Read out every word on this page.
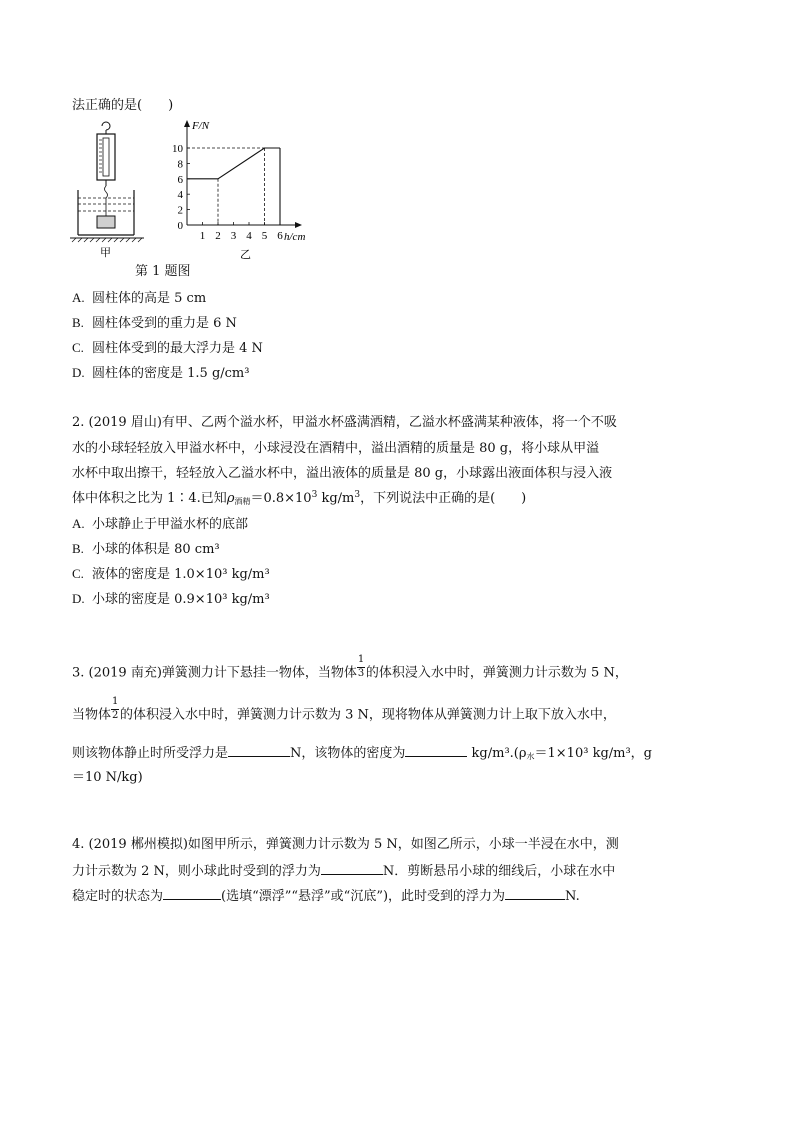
法正确的是(　　)
甲
10
8
6
4
2
0
1 2 3 4 5 6
F/N
h/cm
乙
第 1 题图
A. 圆柱体的高是 5 cm
B. 圆柱体受到的重力是 6 N
C. 圆柱体受到的最大浮力是 4 N
D. 圆柱体的密度是 1.5 g/cm³
2. (2019 眉山)有甲、乙两个溢水杯，甲溢水杯盛满酒精，乙溢水杯盛满某种液体，将一个不吸
水的小球轻轻放入甲溢水杯中，小球浸没在酒精中，溢出酒精的质量是 80 g，将小球从甲溢
水杯中取出擦干，轻轻放入乙溢水杯中，溢出液体的质量是 80 g，小球露出液面体积与浸入液
体中体积之比为 1∶4.已知$\rho_{酒精}=0.8\times 10^3$ $kg/m^3$，下列说法中正确的是(　　)
A. 小球静止于甲溢水杯的底部
B. 小球的体积是 80 cm³
C. 液体的密度是 1.0×10³ kg/m³
D. 小球的密度是 0.9×10³ kg/m³
3. (2019 南充)弹簧测力计下悬挂一物体，当物体 $\frac{1}{3}$ 的体积浸入水中时，弹簧测力计示数为 5 N，
当物体 $\frac{1}{2}$ 的体积浸入水中时，弹簧测力计示数为 3 N，现将物体从弹簧测力计上取下放入水中，
则该物体静止时所受浮力是	N，该物体的密度为	$kg/m^3.(\rho_水=1\times 10^3$ kg/m³，g
＝10 N/kg)
4. (2019 郴州模拟)如图甲所示，弹簧测力计示数为 5 N，如图乙所示，小球一半浸在水中，测
力计示数为 2 N，则小球此时受到的浮力为	N．剪断悬吊小球的细线后，小球在水中
稳定时的状态为	(选填“漂浮”“悬浮”或“沉底”)，此时受到的浮力为	N.
